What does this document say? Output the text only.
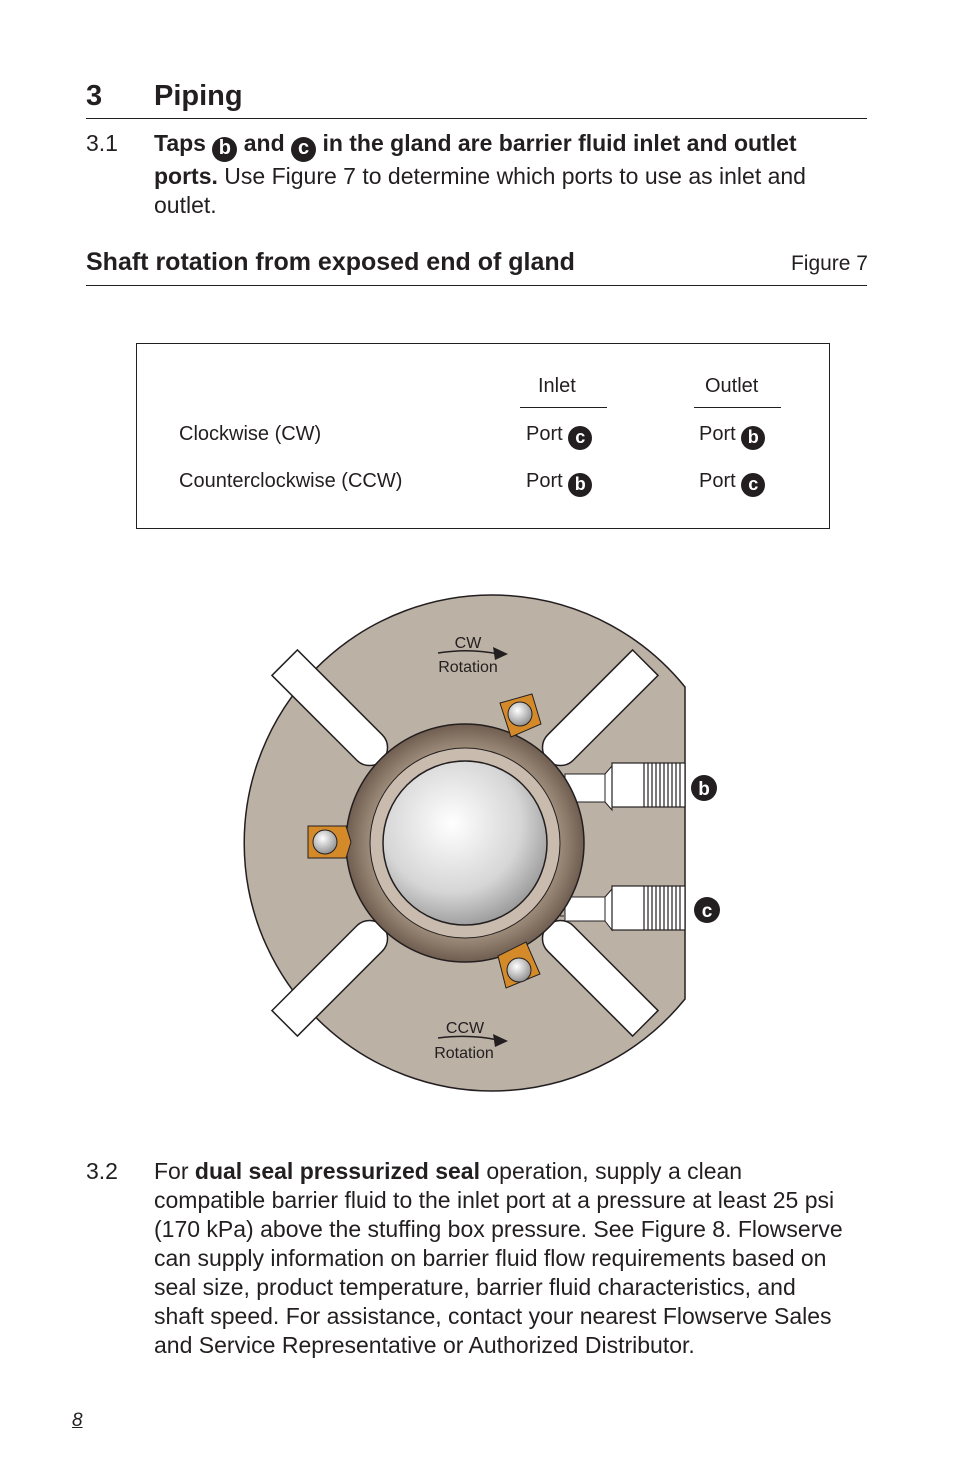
3 Piping
3.1 Taps b and c in the gland are barrier fluid inlet and outlet ports. Use Figure 7 to determine which ports to use as inlet and outlet.
Shaft rotation from exposed end of gland	Figure 7
Inlet	Outlet
Clockwise (CW)	Port c	Port b
Counterclockwise (CCW)	Port b	Port c
CW
Rotation
CCW
Rotation
b
c
3.2 For dual seal pressurized seal operation, supply a clean compatible barrier fluid to the inlet port at a pressure at least 25 psi (170 kPa) above the stuffing box pressure. See Figure 8. Flowserve can supply information on barrier fluid flow requirements based on seal size, product temperature, barrier fluid characteristics, and shaft speed. For assistance, contact your nearest Flowserve Sales and Service Representative or Authorized Distributor.
8
